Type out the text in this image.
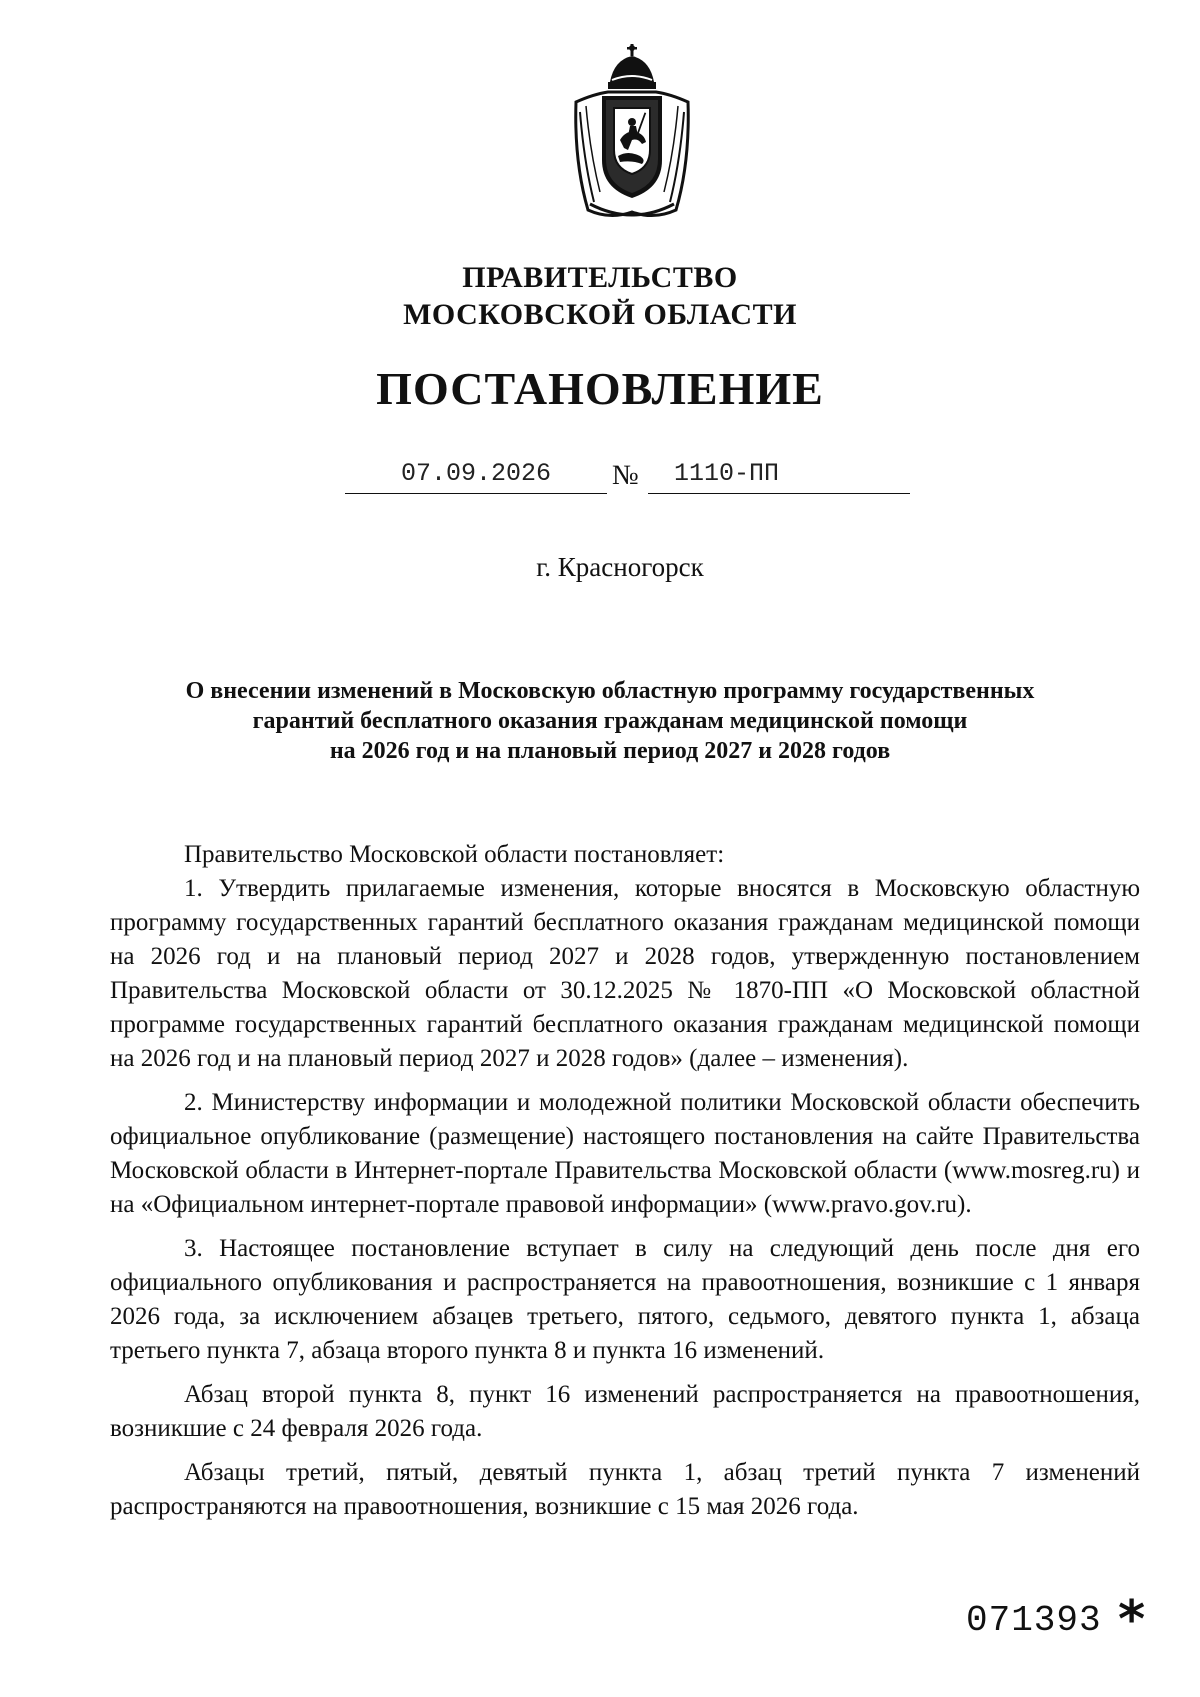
ПРАВИТЕЛЬСТВО
МОСКОВСКОЙ ОБЛАСТИ
ПОСТАНОВЛЕНИЕ
07.09.2026	№	1110-ПП
г. Красногорск
О внесении изменений в Московскую областную программу государственных
гарантий бесплатного оказания гражданам медицинской помощи
на 2026 год и на плановый период 2027 и 2028 годов

Правительство Московской области постановляет:

1. Утвердить прилагаемые изменения, которые вносятся в Московскую областную программу государственных гарантий бесплатного оказания гражданам медицинской помощи на 2026 год и на плановый период 2027 и 2028 годов, утвержденную постановлением Правительства Московской области от 30.12.2025 № 1870-ПП «О Московской областной программе государственных гарантий бесплатного оказания гражданам медицинской помощи на 2026 год и на плановый период 2027 и 2028 годов» (далее – изменения).

2. Министерству информации и молодежной политики Московской области обеспечить официальное опубликование (размещение) настоящего постановления на сайте Правительства Московской области в Интернет-портале Правительства Московской области (www.mosreg.ru) и на «Официальном интернет-портале правовой информации» (www.pravo.gov.ru).

3. Настоящее постановление вступает в силу на следующий день после дня его официального опубликования и распространяется на правоотношения, возникшие с 1 января 2026 года, за исключением абзацев третьего, пятого, седьмого, девятого пункта 1, абзаца третьего пункта 7, абзаца второго пункта 8 и пункта 16 изменений.

Абзац второй пункта 8, пункт 16 изменений распространяется на правоотношения, возникшие с 24 февраля 2026 года.

Абзацы третий, пятый, девятый пункта 1, абзац третий пункта 7 изменений распространяются на правоотношения, возникшие с 15 мая 2026 года.

071393 *
